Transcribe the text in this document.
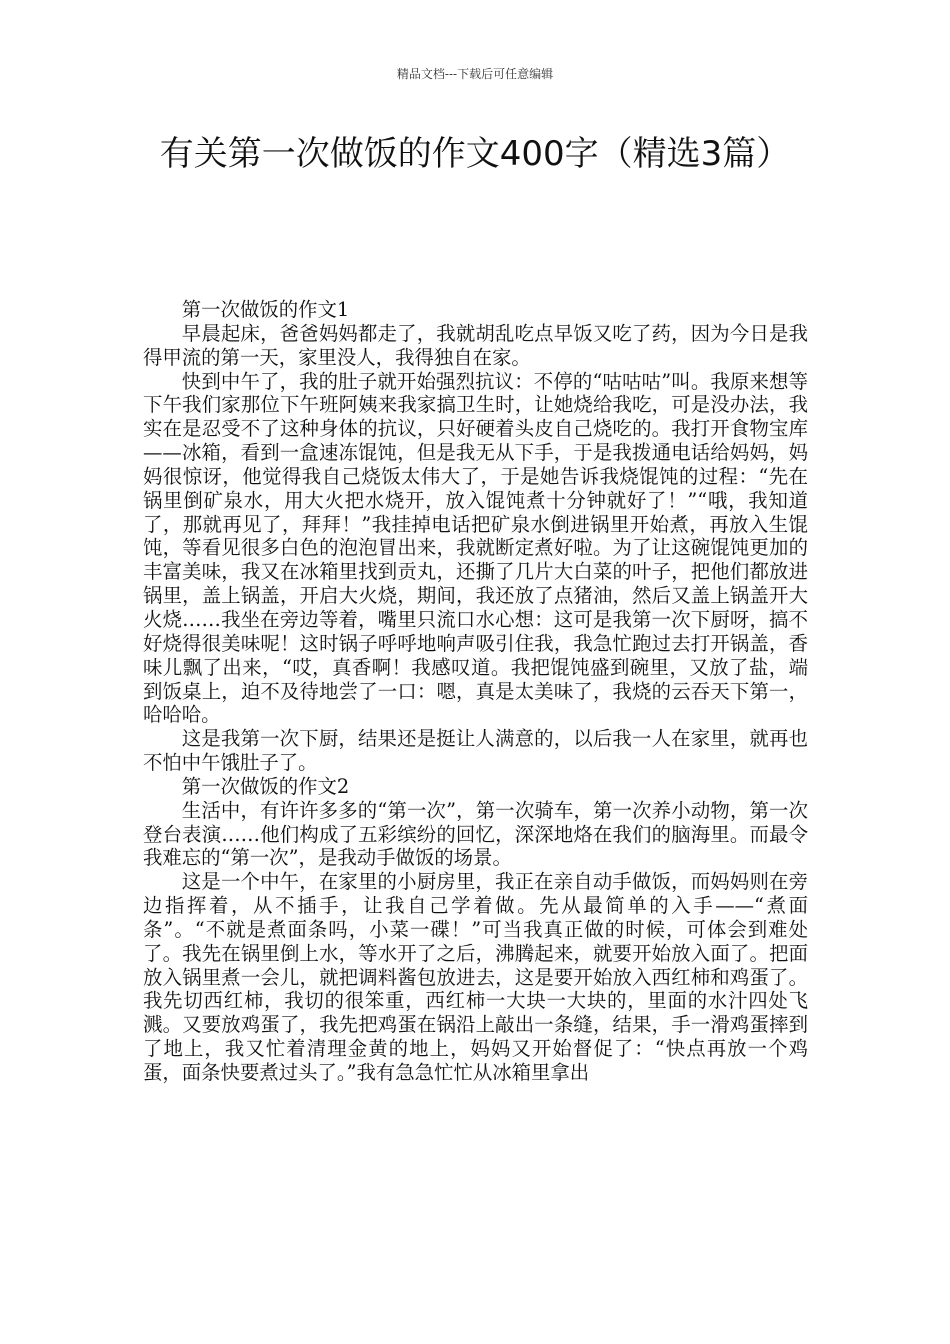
精品文档---下载后可任意编辑
有关第一次做饭的作文400字（精选3篇）

第一次做饭的作文1

早晨起床，爸爸妈妈都走了，我就胡乱吃点早饭又吃了药，因为今日是我得甲流的第一天，家里没人，我得独自在家。

快到中午了，我的肚子就开始强烈抗议：不停的“咕咕咕”叫。我原来想等下午我们家那位下午班阿姨来我家搞卫生时，让她烧给我吃，可是没办法，我实在是忍受不了这种身体的抗议，只好硬着头皮自己烧吃的。我打开食物宝库——冰箱，看到一盒速冻馄饨，但是我无从下手，于是我拨通电话给妈妈，妈妈很惊讶，他觉得我自己烧饭太伟大了，于是她告诉我烧馄饨的过程：“先在锅里倒矿泉水，用大火把水烧开，放入馄饨煮十分钟就好了！”“哦，我知道了，那就再见了，拜拜！”我挂掉电话把矿泉水倒进锅里开始煮，再放入生馄饨，等看见很多白色的泡泡冒出来，我就断定煮好啦。为了让这碗馄饨更加的丰富美味，我又在冰箱里找到贡丸，还撕了几片大白菜的叶子，把他们都放进锅里，盖上锅盖，开启大火烧，期间，我还放了点猪油，然后又盖上锅盖开大火烧……我坐在旁边等着，嘴里只流口水心想：这可是我第一次下厨呀，搞不好烧得很美味呢！这时锅子呼呼地响声吸引住我，我急忙跑过去打开锅盖，香味儿飘了出来，“哎，真香啊！我感叹道。我把馄饨盛到碗里，又放了盐，端到饭桌上，迫不及待地尝了一口：嗯，真是太美味了，我烧的云吞天下第一，哈哈哈。

这是我第一次下厨，结果还是挺让人满意的，以后我一人在家里，就再也不怕中午饿肚子了。

第一次做饭的作文2

生活中，有许许多多的“第一次”，第一次骑车，第一次养小动物，第一次登台表演……他们构成了五彩缤纷的回忆，深深地烙在我们的脑海里。而最令我难忘的“第一次”，是我动手做饭的场景。

这是一个中午，在家里的小厨房里，我正在亲自动手做饭，而妈妈则在旁边指挥着，从不插手，让我自己学着做。先从最简单的入手——“煮面条”。“不就是煮面条吗，小菜一碟！”可当我真正做的时候，可体会到难处了。我先在锅里倒上水，等水开了之后，沸腾起来，就要开始放入面了。把面放入锅里煮一会儿，就把调料酱包放进去，这是要开始放入西红柿和鸡蛋了。我先切西红柿，我切的很笨重，西红柿一大块一大块的，里面的水汁四处飞溅。又要放鸡蛋了，我先把鸡蛋在锅沿上敲出一条缝，结果，手一滑鸡蛋摔到了地上，我又忙着清理金黄的地上，妈妈又开始督促了：“快点再放一个鸡蛋，面条快要煮过头了。”我有急急忙忙从冰箱里拿出
